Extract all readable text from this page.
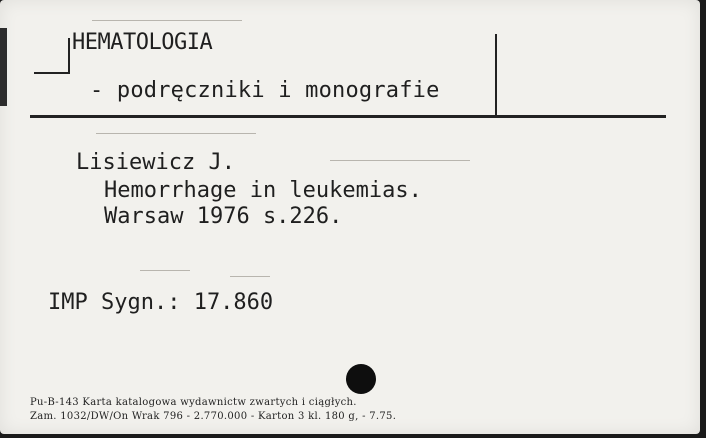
HEMATOLOGIA
- podręczniki i monografie
Lisiewicz J.
Hemorrhage in leukemias.
Warsaw 1976 s.226.
IMP Sygn.: 17.860
Pu-B-143 Karta katalogowa wydawnictw zwartych i ciągłych.
Zam. 1032/DW/On Wrak 796 - 2.770.000 - Karton 3 kl. 180 g, - 7.75.
